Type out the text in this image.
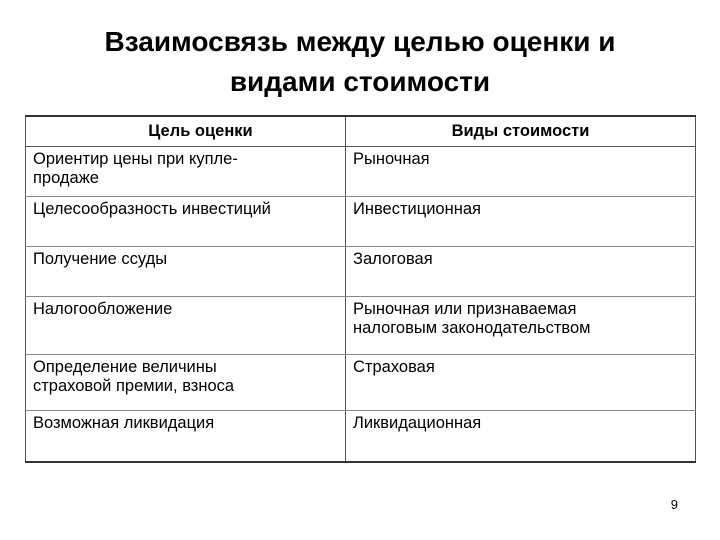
Взаимосвязь между целью оценки и
видами стоимости
Цель оценки	Виды стоимости
Ориентир цены при купле-
продаже	Рыночная
Целесообразность инвестиций	Инвестиционная
Получение ссуды	Залоговая
Налогообложение	Рыночная или признаваемая
налоговым законодательством
Определение величины
страховой премии, взноса	Страховая
Возможная ликвидация	Ликвидационная
9
